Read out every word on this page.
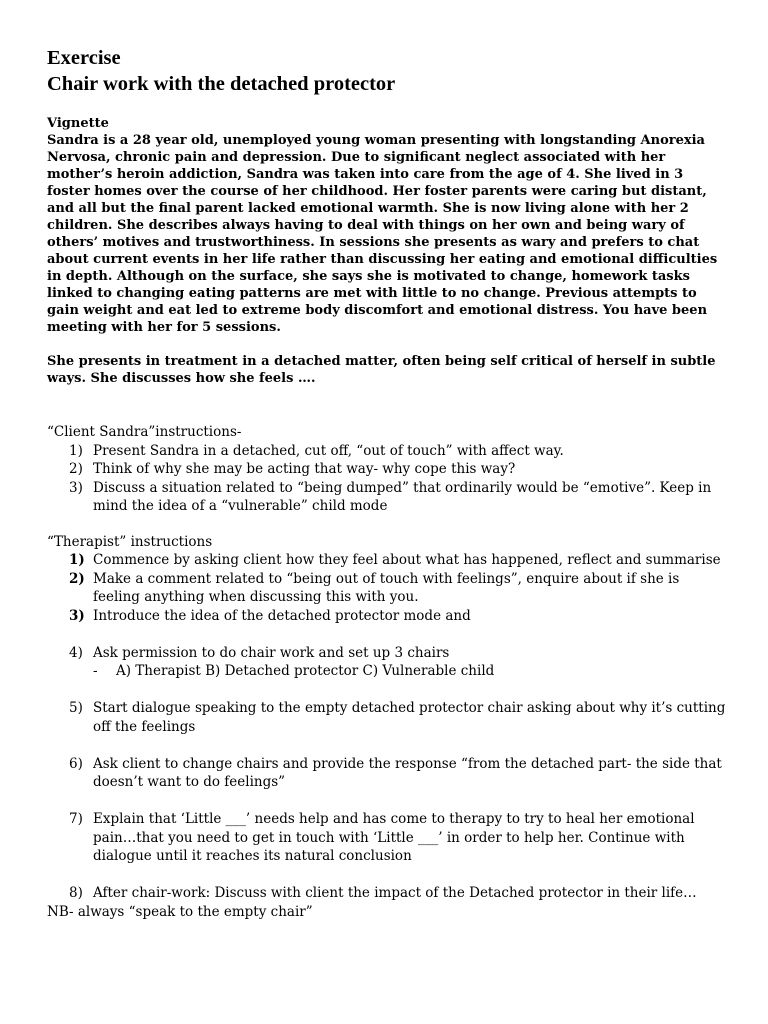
Exercise
Chair work with the detached protector
Vignette

Sandra is a 28 year old, unemployed young woman presenting with longstanding Anorexia Nervosa, chronic pain and depression. Due to significant neglect associated with her mother’s heroin addiction, Sandra was taken into care from the age of 4. She lived in 3 foster homes over the course of her childhood. Her foster parents were caring but distant, and all but the final parent lacked emotional warmth. She is now living alone with her 2 children. She describes always having to deal with things on her own and being wary of others’ motives and trustworthiness. In sessions she presents as wary and prefers to chat about current events in her life rather than discussing her eating and emotional difficulties in depth. Although on the surface, she says she is motivated to change, homework tasks linked to changing eating patterns are met with little to no change. Previous attempts to gain weight and eat led to extreme body discomfort and emotional distress. You have been meeting with her for 5 sessions.

She presents in treatment in a detached matter, often being self critical of herself in subtle ways. She discusses how she feels ….

“Client Sandra”instructions-
1) Present Sandra in a detached, cut off, “out of touch” with affect way.
2) Think of why she may be acting that way- why cope this way?
3) Discuss a situation related to “being dumped” that ordinarily would be “emotive”. Keep in mind the idea of a “vulnerable” child mode
“Therapist” instructions
1) Commence by asking client how they feel about what has happened, reflect and summarise
2) Make a comment related to “being out of touch with feelings”, enquire about if she is feeling anything when discussing this with you.
3) Introduce the idea of the detached protector mode and
4) Ask permission to do chair work and set up 3 chairs
- A) Therapist B) Detached protector C) Vulnerable child
5) Start dialogue speaking to the empty detached protector chair asking about why it’s cutting off the feelings
6) Ask client to change chairs and provide the response “from the detached part- the side that doesn’t want to do feelings”
7) Explain that ‘Little ___’ needs help and has come to therapy to try to heal her emotional pain…that you need to get in touch with ‘Little ___’ in order to help her. Continue with dialogue until it reaches its natural conclusion
8) After chair-work: Discuss with client the impact of the Detached protector in their life…
NB- always “speak to the empty chair”
